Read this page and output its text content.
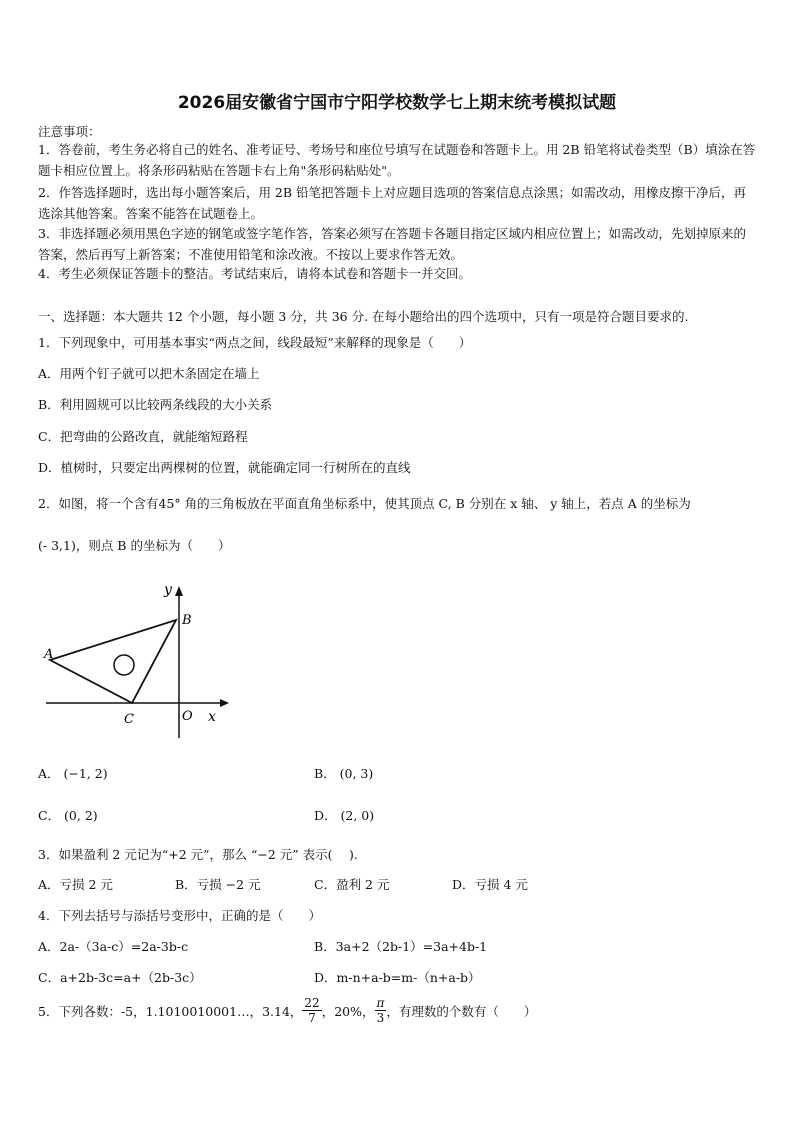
2026届安徽省宁国市宁阳学校数学七上期末统考模拟试题
注意事项：
1．答卷前，考生务必将自己的姓名、准考证号、考场号和座位号填写在试题卷和答题卡上。用 2B 铅笔将试卷类型（B）填涂在答题卡相应位置上。将条形码粘贴在答题卡右上角"条形码粘贴处"。
2．作答选择题时，选出每小题答案后，用 2B 铅笔把答题卡上对应题目选项的答案信息点涂黑；如需改动，用橡皮擦干净后，再选涂其他答案。答案不能答在试题卷上。
3．非选择题必须用黑色字迹的钢笔或签字笔作答，答案必须写在答题卡各题目指定区域内相应位置上；如需改动，先划掉原来的答案，然后再写上新答案；不准使用铅笔和涂改液。不按以上要求作答无效。
4．考生必须保证答题卡的整洁。考试结束后，请将本试卷和答题卡一并交回。
一、选择题：本大题共 12 个小题，每小题 3 分，共 36 分. 在每小题给出的四个选项中，只有一项是符合题目要求的.
1．下列现象中，可用基本事实“两点之间，线段最短”来解释的现象是（　　）
A．用两个钉子就可以把木条固定在墙上
B．利用圆规可以比较两条线段的大小关系
C．把弯曲的公路改直，就能缩短路程
D．植树时，只要定出两棵树的位置，就能确定同一行树所在的直线
2．如图，将一个含有45° 角的三角板放在平面直角坐标系中，使其顶点 C, B 分别在 x 轴、 y 轴上，若点 A 的坐标为
(- 3,1)，则点 B 的坐标为（　　）
y
B
A
C	O x
A． (−1, 2)	B． (0, 3)
C． (0, 2)	D． (2, 0)
3．如果盈利 2 元记为“+2 元”，那么 “−2 元” 表示(　 ).
A．亏损 2 元	B．亏损 −2 元	C．盈利 2 元	D．亏损 4 元
4．下列去括号与添括号变形中，正确的是（　　）
A．2a-（3a-c）=2a-3b-c	B．3a+2（2b-1）=3a+4b-1
C．a+2b-3c=a+（2b-3c）	D．m-n+a-b=m-（n+a-b）
5．下列各数：-5，1.1010010001…，3.14， $\frac{22}{7}$ ，20%， $\frac{\pi}{3}$ ，有理数的个数有（　　）
